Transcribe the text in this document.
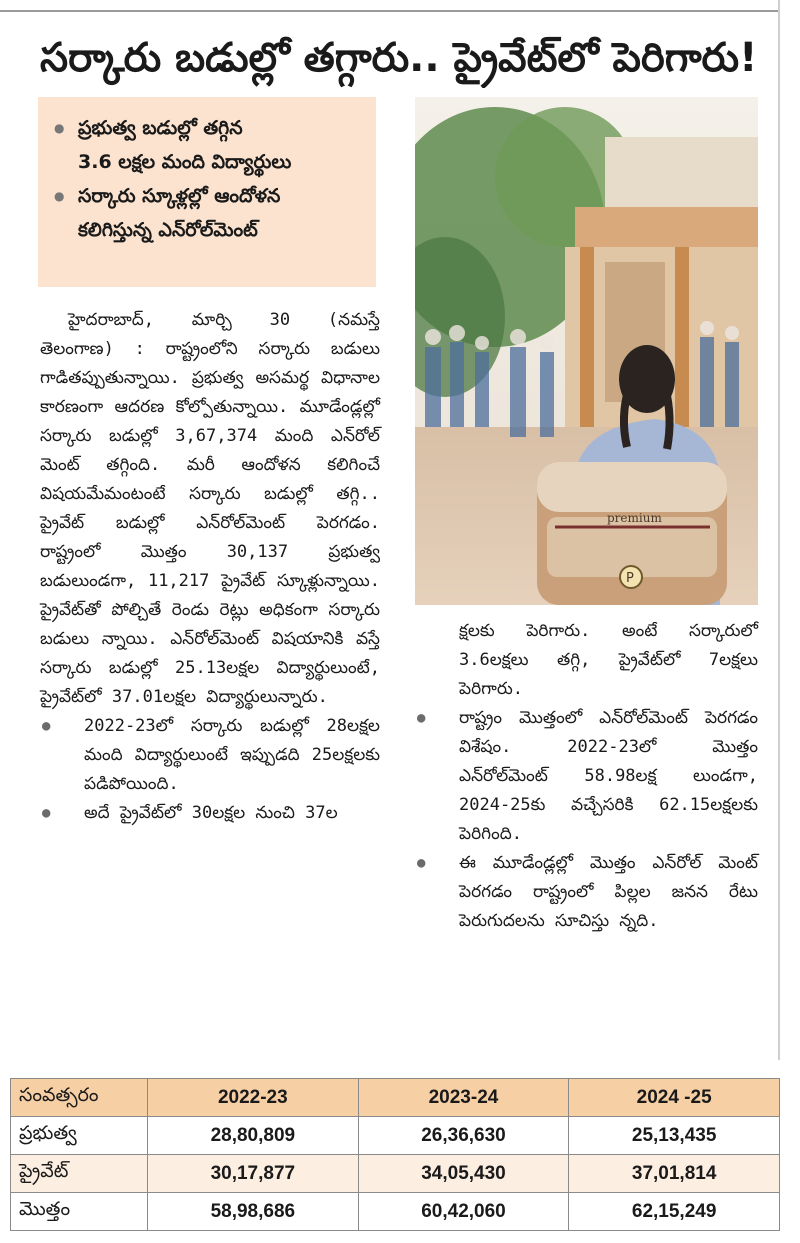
సర్కారు బడుల్లో తగ్గారు.. ప్రైవేట్‌లో పెరిగారు!
● ప్రభుత్వ బడుల్లో తగ్గిన
3.6 లక్షల మంది విద్యార్థులు
● సర్కారు స్కూళ్లల్లో ఆందోళన
కలిగిస్తున్న ఎన్‌రోల్‌మెంట్
premium
P

హైదరాబాద్, మార్చి 30 (నమస్తే తెలంగాణ) : రాష్ట్రంలోని సర్కారు బడులు గాడితప్పుతున్నాయి. ప్రభుత్వ అసమర్థ విధానాల కారణంగా ఆదరణ కోల్పోతున్నాయి. మూడేండ్లల్లో సర్కారు బడుల్లో 3,67,374 మంది ఎన్‌రోల్ మెంట్ తగ్గింది. మరీ ఆందోళన కలిగించే విషయమేమంటంటే సర్కారు బడుల్లో తగ్గి.. ప్రైవేట్ బడుల్లో ఎన్‌రోల్‌మెంట్ పెరగడం. రాష్ట్రంలో మొత్తం 30,137 ప్రభుత్వ బడులుండగా, 11,217 ప్రైవేట్ స్కూళ్లున్నాయి. ప్రైవేట్‌తో పోల్చితే రెండు రెట్లు అధికంగా సర్కారు బడులు న్నాయి. ఎన్‌రోల్‌మెంట్ విషయానికి వస్తే సర్కారు బడుల్లో 25.13లక్షల విద్యార్థులుంటే, ప్రైవేట్‌లో 37.01లక్షల విద్యార్థులున్నారు.

● 2022-23లో సర్కారు బడుల్లో 28లక్షల మంది విద్యార్థులుంటే ఇప్పుడది 25లక్షలకు పడిపోయింది.

● అదే ప్రైవేట్‌లో 30లక్షల నుంచి 37ల

క్షలకు పెరిగారు. అంటే సర్కారులో 3.6లక్షలు తగ్గి, ప్రైవేట్‌లో 7లక్షలు పెరిగారు.

● రాష్ట్రం మొత్తంలో ఎన్‌రోల్‌మెంట్ పెరగడం విశేషం. 2022-23లో మొత్తం ఎన్‌రోల్‌మెంట్ 58.98లక్ష లుండగా, 2024-25కు వచ్చేసరికి 62.15లక్షలకు పెరిగింది.

● ఈ మూడేండ్లల్లో మొత్తం ఎన్‌రోల్ మెంట్ పెరగడం రాష్ట్రంలో పిల్లల జనన రేటు పెరుగుదలను సూచిస్తు న్నది.

సంవత్సరం	2022-23	2023-24	2024 -25
ప్రభుత్వ	28,80,809	26,36,630	25,13,435
ప్రైవేట్	30,17,877	34,05,430	37,01,814
మొత్తం	58,98,686	60,42,060	62,15,249
